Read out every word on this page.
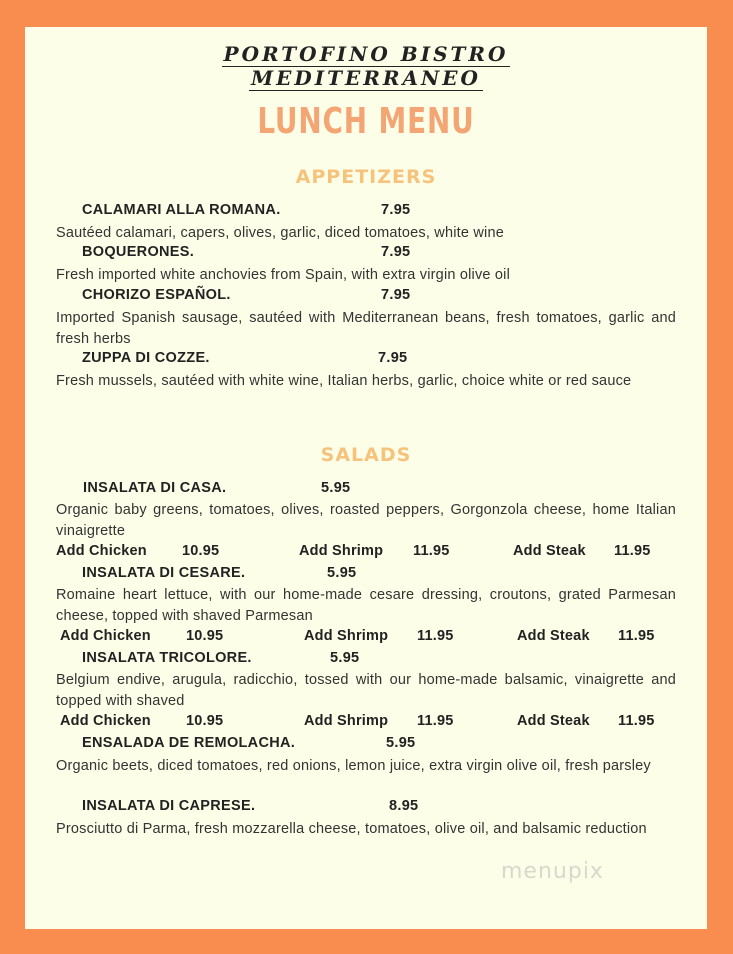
PORTOFINO BISTRO
MEDITERRANEO
LUNCH MENU
APPETIZERS
CALAMARI ALLA ROMANA.	7.95
Sautéed calamari, capers, olives, garlic, diced tomatoes, white wine
BOQUERONES.	7.95
Fresh imported white anchovies from Spain, with extra virgin olive oil
CHORIZO ESPAÑOL.	7.95
Imported Spanish sausage, sautéed with Mediterranean beans, fresh tomatoes, garlic and fresh herbs
ZUPPA DI COZZE.	7.95
Fresh mussels, sautéed with white wine, Italian herbs, garlic, choice white or red sauce
SALADS
INSALATA DI CASA.	5.95
Organic baby greens, tomatoes, olives, roasted peppers, Gorgonzola cheese, home Italian vinaigrette
Add Chicken 10.95	Add Shrimp 11.95	Add Steak 11.95
INSALATA DI CESARE.	5.95
Romaine heart lettuce, with our home-made cesare dressing, croutons, grated Parmesan cheese, topped with shaved Parmesan
Add Chicken 10.95	Add Shrimp 11.95	Add Steak 11.95
INSALATA TRICOLORE.	5.95
Belgium endive, arugula, radicchio, tossed with our home-made balsamic, vinaigrette and topped with shaved
Add Chicken 10.95	Add Shrimp 11.95	Add Steak 11.95
ENSALADA DE REMOLACHA.	5.95
Organic beets, diced tomatoes, red onions, lemon juice, extra virgin olive oil, fresh parsley
INSALATA DI CAPRESE.	8.95
Prosciutto di Parma, fresh mozzarella cheese, tomatoes, olive oil, and balsamic reduction
menupix
